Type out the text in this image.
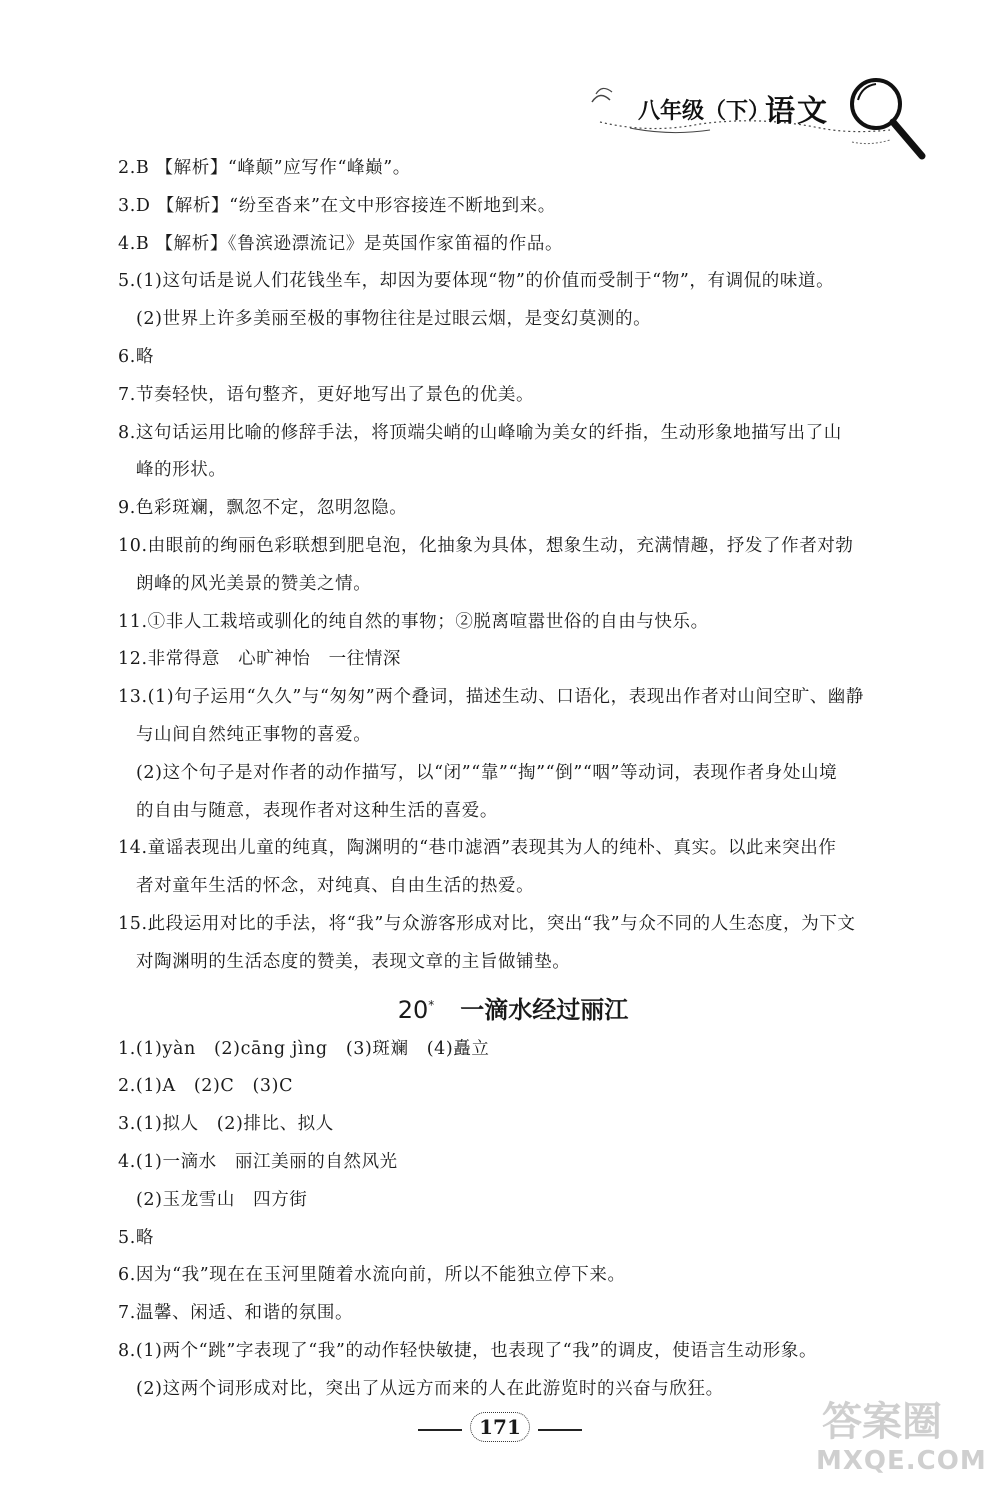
八年级（下）
语文
2.B 【解析】“峰颠”应写作“峰巅”。
3.D 【解析】“纷至沓来”在文中形容接连不断地到来。
4.B 【解析】《鲁滨逊漂流记》是英国作家笛福的作品。
5.(1)这句话是说人们花钱坐车，却因为要体现“物”的价值而受制于“物”，有调侃的味道。
(2)世界上许多美丽至极的事物往往是过眼云烟，是变幻莫测的。
6.略
7.节奏轻快，语句整齐，更好地写出了景色的优美。
8.这句话运用比喻的修辞手法，将顶端尖峭的山峰喻为美女的纤指，生动形象地描写出了山
峰的形状。
9.色彩斑斓，飘忽不定，忽明忽隐。
10.由眼前的绚丽色彩联想到肥皂泡，化抽象为具体，想象生动，充满情趣，抒发了作者对勃
朗峰的风光美景的赞美之情。
11.①非人工栽培或驯化的纯自然的事物；②脱离喧嚣世俗的自由与快乐。
12.非常得意　心旷神怡　一往情深
13.(1)句子运用“久久”与“匆匆”两个叠词，描述生动、口语化，表现出作者对山间空旷、幽静
与山间自然纯正事物的喜爱。
(2)这个句子是对作者的动作描写，以“闭”“靠”“掏”“倒”“咽”等动词，表现作者身处山境
的自由与随意，表现作者对这种生活的喜爱。
14.童谣表现出儿童的纯真，陶渊明的“巷巾滤酒”表现其为人的纯朴、真实。以此来突出作
者对童年生活的怀念，对纯真、自由生活的热爱。
15.此段运用对比的手法，将“我”与众游客形成对比，突出“我”与众不同的人生态度，为下文
对陶渊明的生活态度的赞美，表现文章的主旨做铺垫。
20* 一滴水经过丽江
1.(1)yàn　(2)cāng jìng　(3)斑斓　(4)矗立
2.(1)A　(2)C　(3)C
3.(1)拟人　(2)排比、拟人
4.(1)一滴水　丽江美丽的自然风光
(2)玉龙雪山　四方街
5.略
6.因为“我”现在在玉河里随着水流向前，所以不能独立停下来。
7.温馨、闲适、和谐的氛围。
8.(1)两个“跳”字表现了“我”的动作轻快敏捷，也表现了“我”的调皮，使语言生动形象。
(2)这两个词形成对比，突出了从远方而来的人在此游览时的兴奋与欣狂。
171	答案圈
MXQE.COM
